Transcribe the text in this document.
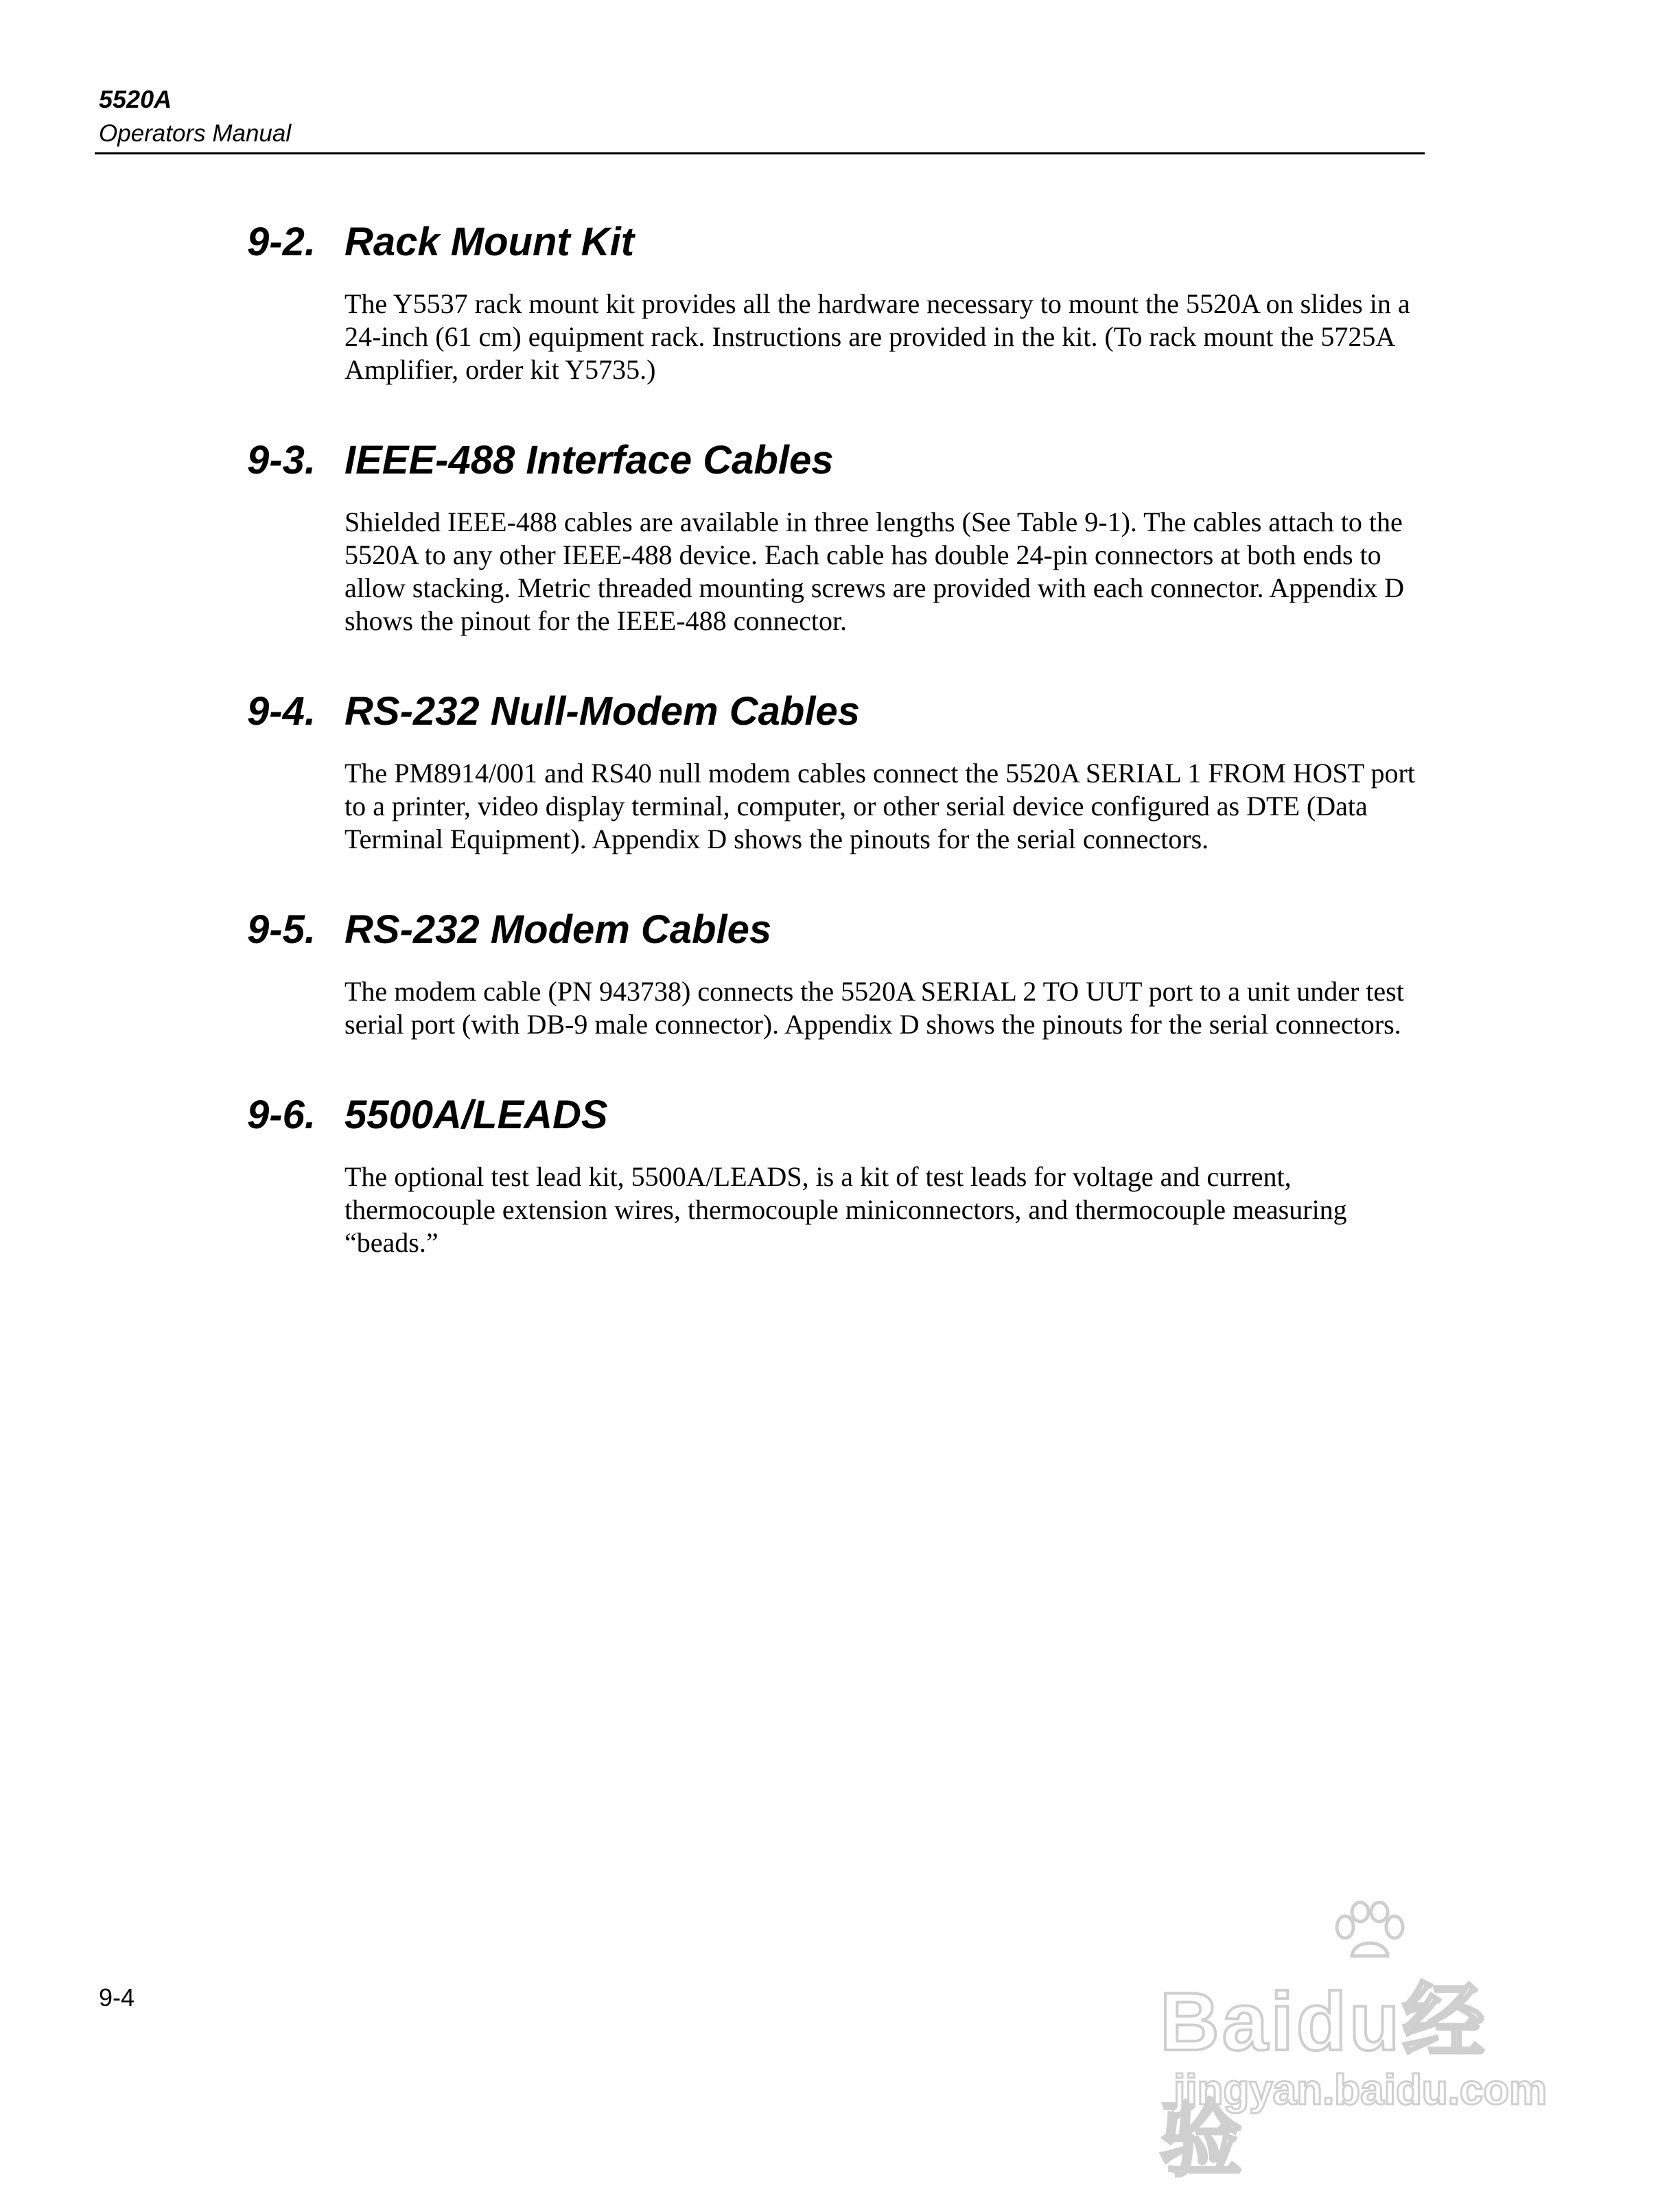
5520A
Operators Manual
9-2. Rack Mount Kit

The Y5537 rack mount kit provides all the hardware necessary to mount the 5520A on slides in a 24-inch (61 cm) equipment rack. Instructions are provided in the kit. (To rack mount the 5725A Amplifier, order kit Y5735.)

9-3. IEEE-488 Interface Cables

Shielded IEEE-488 cables are available in three lengths (See Table 9-1). The cables attach to the 5520A to any other IEEE-488 device. Each cable has double 24-pin connectors at both ends to allow stacking. Metric threaded mounting screws are provided with each connector. Appendix D shows the pinout for the IEEE-488 connector.

9-4. RS-232 Null-Modem Cables

The PM8914/001 and RS40 null modem cables connect the 5520A SERIAL 1 FROM HOST port to a printer, video display terminal, computer, or other serial device configured as DTE (Data Terminal Equipment). Appendix D shows the pinouts for the serial connectors.

9-5. RS-232 Modem Cables

The modem cable (PN 943738) connects the 5520A SERIAL 2 TO UUT port to a unit under test serial port (with DB-9 male connector). Appendix D shows the pinouts for the serial connectors.

9-6. 5500A/LEADS

The optional test lead kit, 5500A/LEADS, is a kit of test leads for voltage and current, thermocouple extension wires, thermocouple miniconnectors, and thermocouple measuring “beads.”

9-4	Baidu经验
jingyan.baidu.com
